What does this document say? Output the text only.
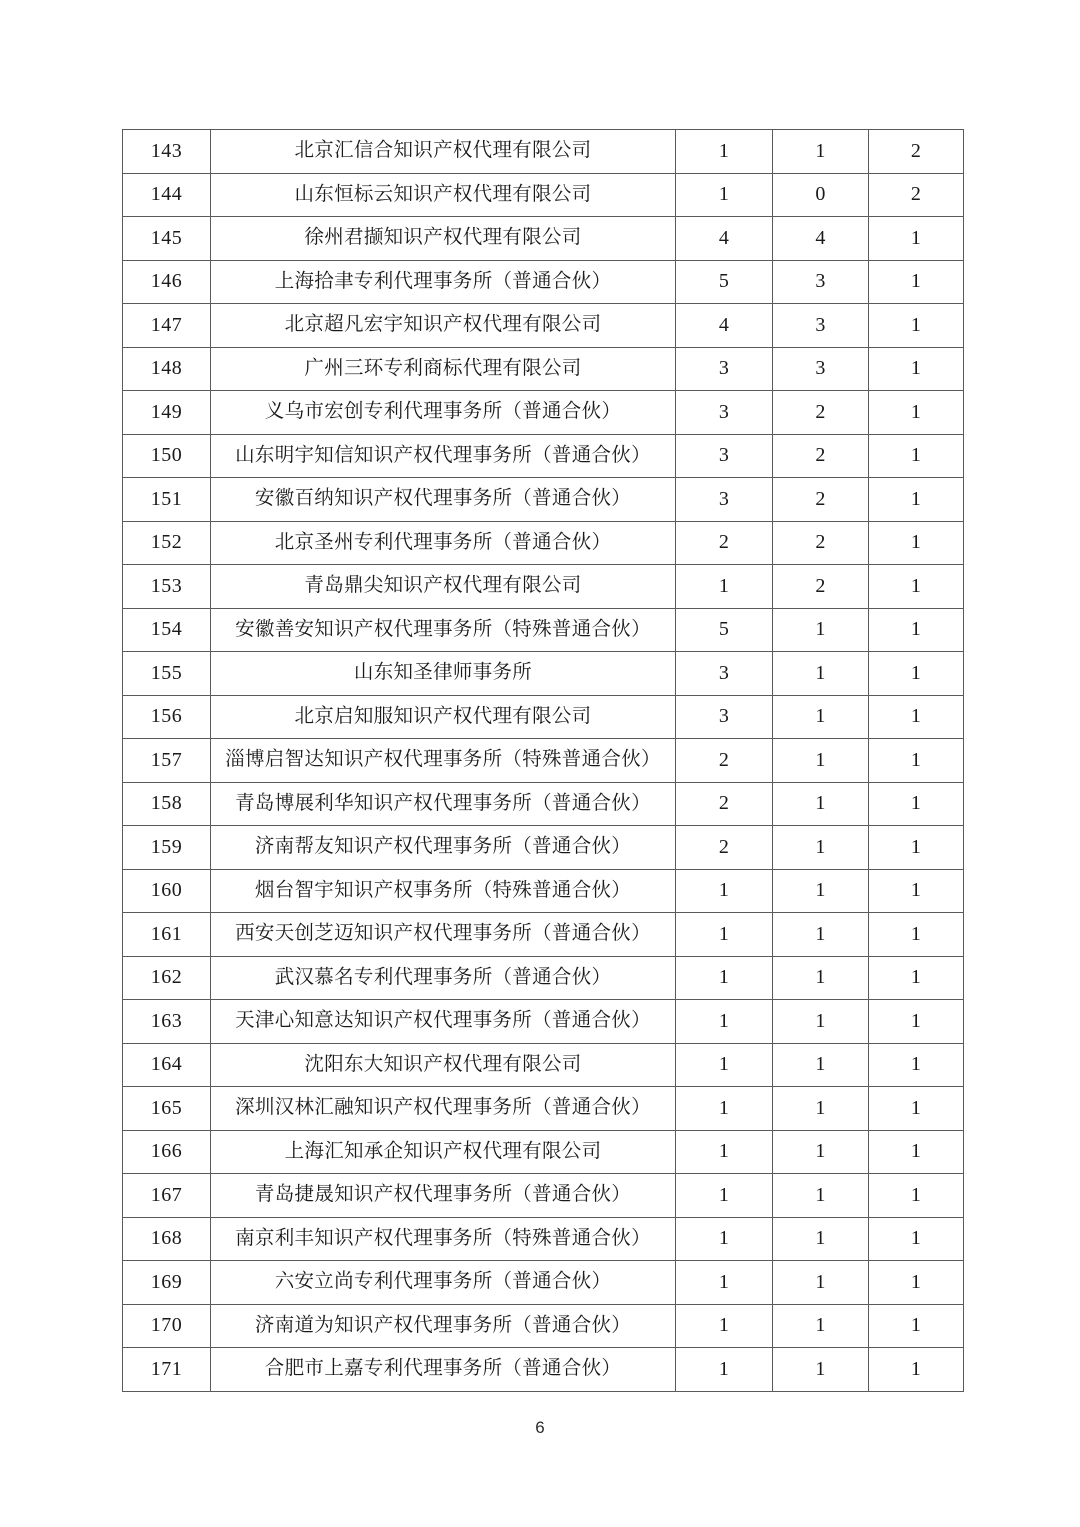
143	北京汇信合知识产权代理有限公司	1	1	2
144	山东恒标云知识产权代理有限公司	1	0	2
145	徐州君撷知识产权代理有限公司	4	4	1
146	上海拾聿专利代理事务所（普通合伙）	5	3	1
147	北京超凡宏宇知识产权代理有限公司	4	3	1
148	广州三环专利商标代理有限公司	3	3	1
149	义乌市宏创专利代理事务所（普通合伙）	3	2	1
150	山东明宇知信知识产权代理事务所（普通合伙）	3	2	1
151	安徽百纳知识产权代理事务所（普通合伙）	3	2	1
152	北京圣州专利代理事务所（普通合伙）	2	2	1
153	青岛鼎尖知识产权代理有限公司	1	2	1
154	安徽善安知识产权代理事务所（特殊普通合伙）	5	1	1
155	山东知圣律师事务所	3	1	1
156	北京启知服知识产权代理有限公司	3	1	1
157	淄博启智达知识产权代理事务所（特殊普通合伙）	2	1	1
158	青岛博展利华知识产权代理事务所（普通合伙）	2	1	1
159	济南帮友知识产权代理事务所（普通合伙）	2	1	1
160	烟台智宇知识产权事务所（特殊普通合伙）	1	1	1
161	西安天创芝迈知识产权代理事务所（普通合伙）	1	1	1
162	武汉慕名专利代理事务所（普通合伙）	1	1	1
163	天津心知意达知识产权代理事务所（普通合伙）	1	1	1
164	沈阳东大知识产权代理有限公司	1	1	1
165	深圳汉林汇融知识产权代理事务所（普通合伙）	1	1	1
166	上海汇知承企知识产权代理有限公司	1	1	1
167	青岛捷晟知识产权代理事务所（普通合伙）	1	1	1
168	南京利丰知识产权代理事务所（特殊普通合伙）	1	1	1
169	六安立尚专利代理事务所（普通合伙）	1	1	1
170	济南道为知识产权代理事务所（普通合伙）	1	1	1
171	合肥市上嘉专利代理事务所（普通合伙）	1	1	1
6
